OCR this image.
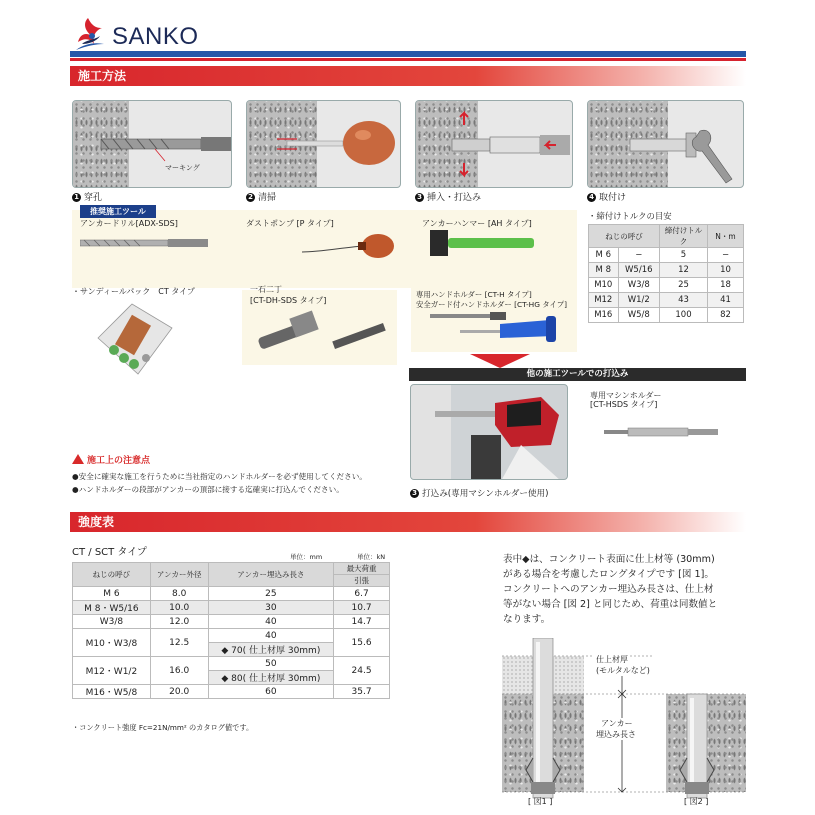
SANKO
施工方法
マーキング
1 穿孔	2 清掃	3 挿入・打込み	4 取付け
推奨施工ツール
アンカードリル[ADX-SDS]	ダストポンプ [P タイプ]	アンカーハンマー [AH タイプ]
・サンディールパック　CT タイプ	一石二丁
[CT-DH-SDS タイプ]
専用ハンドホルダー [CT-H タイプ]
安全ガード付ハンドホルダー [CT-HG タイプ]
・締付けトルクの目安
ねじの呼び		締付けトルク	N・m
M 6	−	5	−
M 8	W5/16	12	10
M10	W3/8	25	18
M12	W1/2	43	41
M16	W5/8	100	82
他の施工ツールでの打込み
専用マシンホルダー
[CT-HSDS タイプ]
3 打込み(専用マシンホルダー使用)
施工上の注意点
●安全に確実な施工を行うために当社指定のハンドホルダーを必ず使用してください。
●ハンドホルダーの段部がアンカーの頂部に接する迄確実に打込んでください。
強度表
CT / SCT タイプ	単位：mm	単位：kN
ねじの呼び	アンカー外径	アンカー埋込み長さ	最大荷重
			引張
M 6	8.0	25	6.7
M 8・W5/16	10.0	30	10.7
W3/8	12.0	40	14.7
M10・W3/8	12.5	40	15.6
		◆ 70( 仕上材厚 30mm)	
M12・W1/2	16.0	50	24.5
		◆ 80( 仕上材厚 30mm)	
M16・W5/8	20.0	60	35.7
・コンクリート強度 Fc=21N/mm² のカタログ値です。
表中◆は、コンクリート表面に仕上材等 (30mm)
がある場合を考慮したロングタイプです [図 1]。
コンクリートへのアンカー埋込み長さは、仕上材
等がない場合 [図 2] と同じため、荷重は同数値と
なります。
仕上材厚
(モルタルなど)
アンカー
埋込み長さ
[ 図1 ]	[ 図2 ]
